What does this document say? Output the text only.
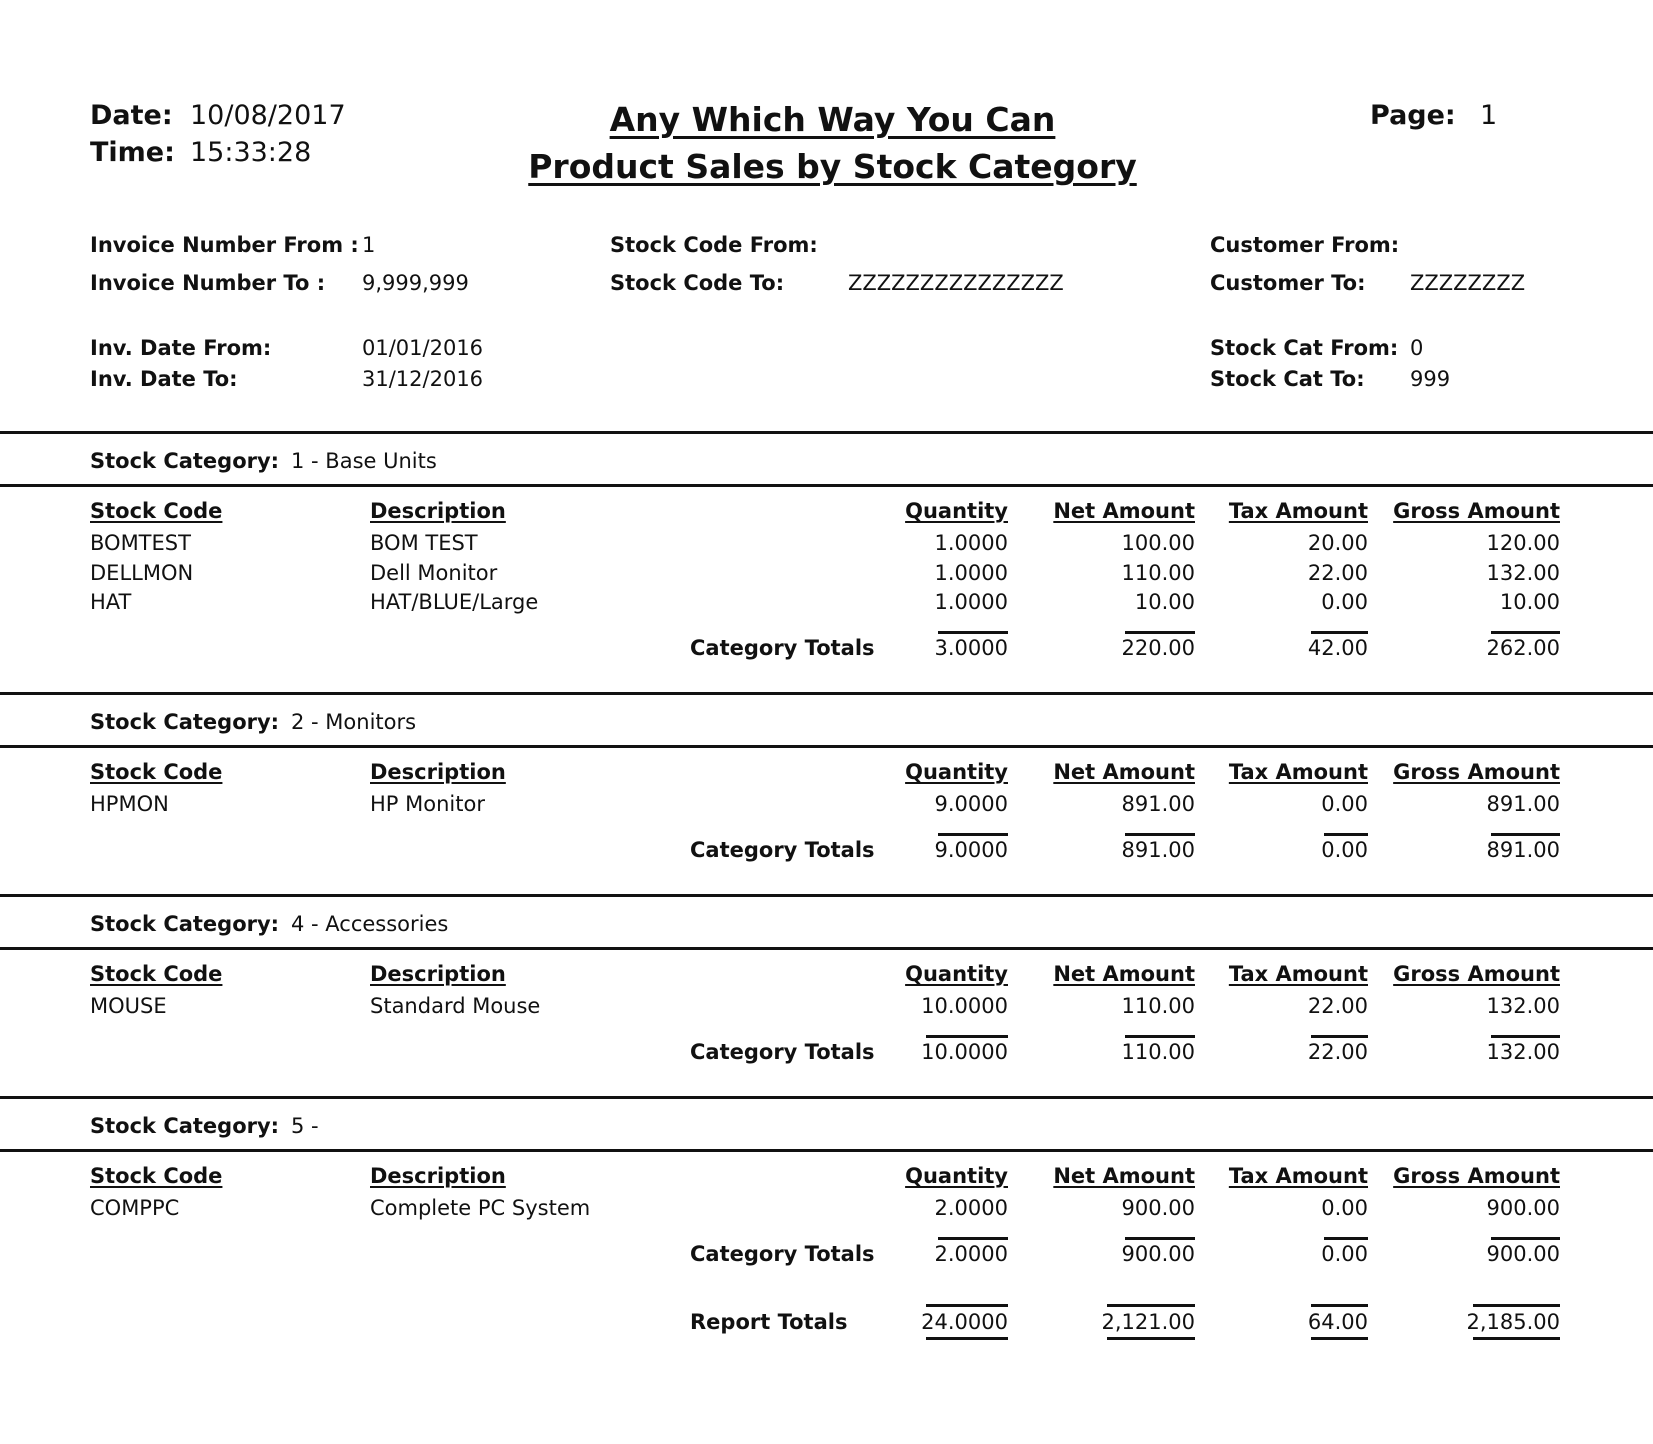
Date: 10/08/2017
Time: 15:33:28
Any Which Way You Can
Product Sales by Stock Category
Page: 1
Invoice Number From : 1
Invoice Number To : 9,999,999
Stock Code From:
Stock Code To:	ZZZZZZZZZZZZZZZ
Customer From:
Customer To: ZZZZZZZZ
Inv. Date From:	01/01/2016
Inv. Date To:	31/12/2016
Stock Cat From: 0
Stock Cat To: 999
Stock Category: 1 - Base Units
Stock Code	Description	Quantity	Net Amount	Tax Amount	Gross Amount
BOMTEST	BOM TEST	1.0000	100.00	20.00	120.00
DELLMON	Dell Monitor	1.0000	110.00	22.00	132.00
HAT	HAT/BLUE/Large	1.0000	10.00	0.00	10.00
Category Totals	3.0000	220.00	42.00	262.00
Stock Category: 2 - Monitors
Stock Code	Description	Quantity	Net Amount	Tax Amount	Gross Amount
HPMON	HP Monitor	9.0000	891.00	0.00	891.00
Category Totals	9.0000	891.00	0.00	891.00
Stock Category: 4 - Accessories
Stock Code	Description	Quantity	Net Amount	Tax Amount	Gross Amount
MOUSE	Standard Mouse	10.0000	110.00	22.00	132.00
Category Totals	10.0000	110.00	22.00	132.00
Stock Category: 5 -
Stock Code	Description	Quantity	Net Amount	Tax Amount	Gross Amount
COMPPC	Complete PC System	2.0000	900.00	0.00	900.00
Category Totals	2.0000	900.00	0.00	900.00
Report Totals	24.0000	2,121.00	64.00	2,185.00
